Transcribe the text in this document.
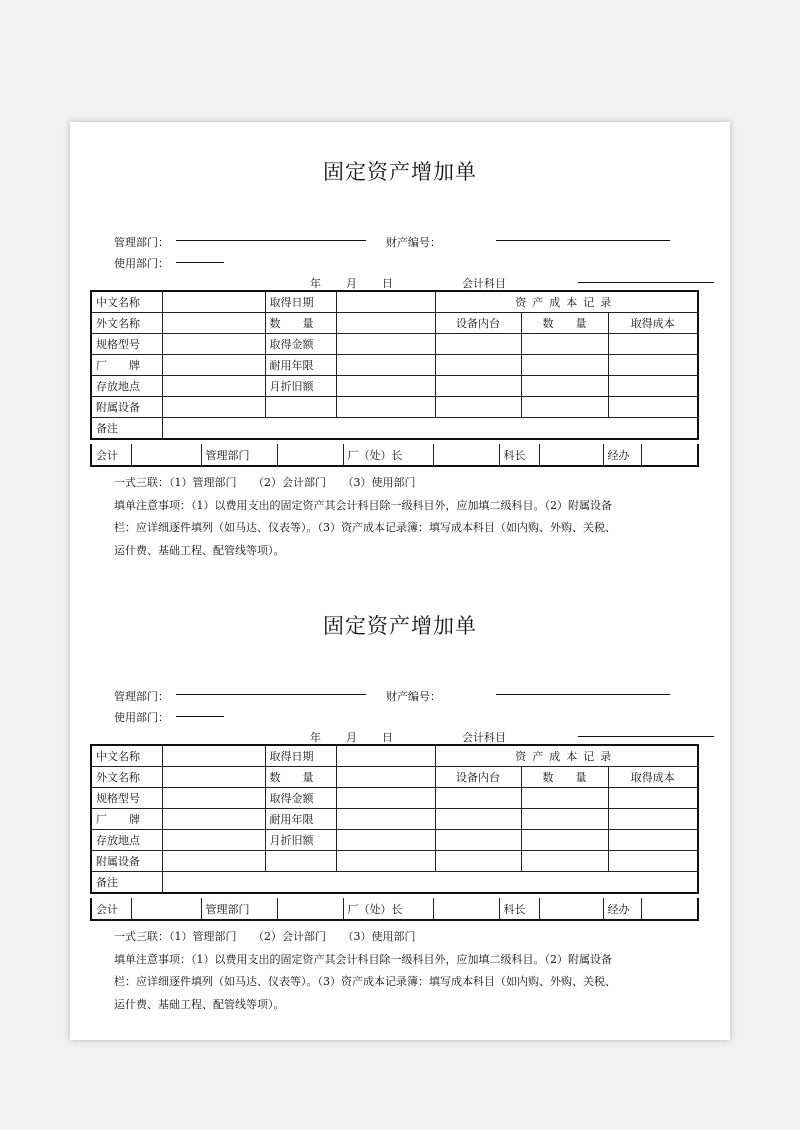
固定资产增加单
管理部门：	财产编号：
使用部门：
年 月 日	会计科目
中文名称		取得日期		资产成本记录		
外文名称		数　　量		设备内台	数　　量	取得成本
规格型号		取得金额				
厂　　牌		耐用年限				
存放地点		月折旧额				
附属设备						
备注						
会计		管理部门		厂（处）长		科长		经办	
一式三联：（1）管理部门　　（2）会计部门　　（3）使用部门
填单注意事项：（1）以费用支出的固定资产其会计科目除一级科目外，应加填二级科目。（2）附属设备
栏：应详细逐件填列（如马达、仪表等）。（3）资产成本记录簿：填写成本科目（如内购、外购、关税、
运什费、基础工程、配管线等项）。
固定资产增加单
管理部门：	财产编号：
使用部门：
年 月 日	会计科目
中文名称		取得日期		资产成本记录		
外文名称		数　　量		设备内台	数　　量	取得成本
规格型号		取得金额				
厂　　牌		耐用年限				
存放地点		月折旧额				
附属设备						
备注						
会计		管理部门		厂（处）长		科长		经办	
一式三联：（1）管理部门　　（2）会计部门　　（3）使用部门
填单注意事项：（1）以费用支出的固定资产其会计科目除一级科目外，应加填二级科目。（2）附属设备
栏：应详细逐件填列（如马达、仪表等）。（3）资产成本记录簿：填写成本科目（如内购、外购、关税、
运什费、基础工程、配管线等项）。
